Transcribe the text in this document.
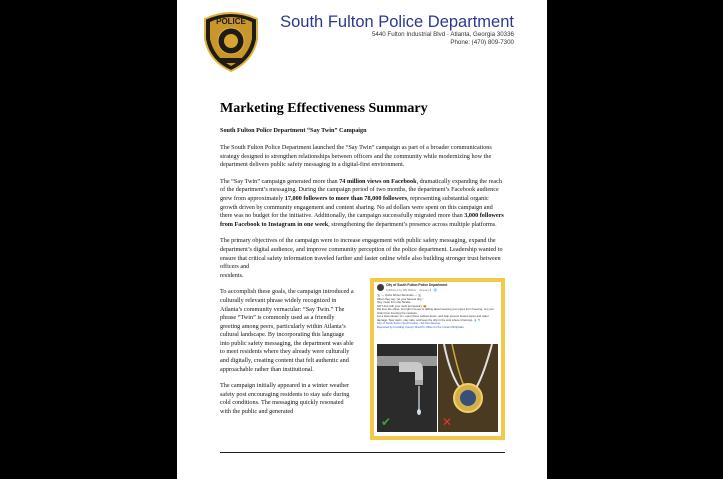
POLICE South Fulton Police Department
5440 Fulton Industrial Blvd · Atlanta, Georgia 30336
Phone: (470) 809-7300
Marketing Effectiveness Summary
South Fulton Police Department “Say Twin” Campaign

The South Fulton Police Department launched the “Say Twin” campaign as part of a broader communications strategy designed to strengthen relationships between officers and the community while modernizing how the department delivers public safety messaging in a digital-first environment.

The “Say Twin” campaign generated more than 74 million views on Facebook, dramatically expanding the reach of the department’s messaging. During the campaign period of two months, the department’s Facebook audience grew from approximately 17,000 followers to more than 78,000 followers, representing substantial organic growth driven by community engagement and content sharing. No ad dollars were spent on this campaign and there was no budget for the initiative. Additionally, the campaign successfully migrated more than 3,000 followers from Facebook to Instagram in one week, strengthening the department’s presence across multiple platforms.

The primary objectives of the campaign were to increase engagement with public safety messaging, expand the department’s digital audience, and improve community perception of the police department. Leadership wanted to ensure that critical safety information traveled farther and faster online while also building stronger trust between officers and
residents.

To accomplish these goals, the campaign introduced a culturally relevant phrase widely recognized in Atlanta’s community vernacular: “Say Twin.” The phrase “Twin” is commonly used as a friendly greeting among peers, particularly within Atlanta’s cultural landscape. By incorporating this language into public safety messaging, the department was able to meet residents where they already were culturally and digitally, creating content that felt authentic and approachable rather than institutional.

The campaign initially appeared in a winter weather safety post encouraging residents to stay safe during cold conditions. The messaging quickly resonated with the public and generated

City of South Fulton Police Department
Published by Will Barber · January 8 · 🌐
🏠 — Quick Winter Reminder — 🏠
When they say “let your faucets drip,”
they mean from the handle…
NOT drip with your neck and jewelry. 😂
We love the shine, but right now we’re talking about keeping your pipes from freezing, not your
chain from freezing the moisture.
Let a slow stream run, open those cabinet doors, and help prevent busted pipes and water
damage. Stay warm, stay safe, and keep the drip in the sink where it belongs. 💧🚿
City of South Fulton South Fulton - SA Fire Rescue
Reposted by Fondling County Sheriff’s Office for the Impact #DripSafe
✔	✕
